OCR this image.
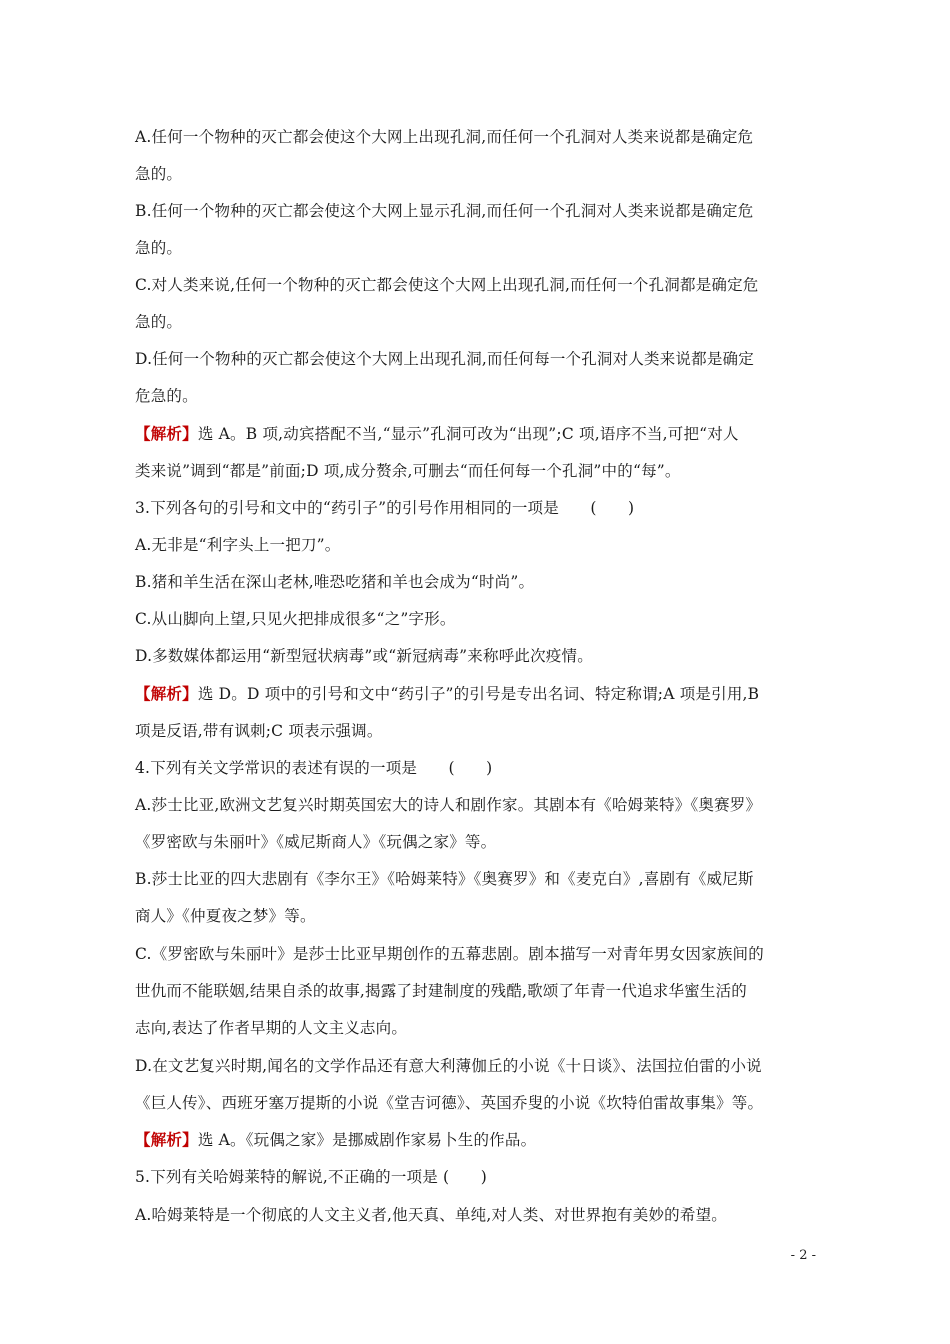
A.任何一个物种的灭亡都会使这个大网上出现孔洞,而任何一个孔洞对人类来说都是确定危
急的。
B.任何一个物种的灭亡都会使这个大网上显示孔洞,而任何一个孔洞对人类来说都是确定危
急的。
C.对人类来说,任何一个物种的灭亡都会使这个大网上出现孔洞,而任何一个孔洞都是确定危
急的。
D.任何一个物种的灭亡都会使这个大网上出现孔洞,而任何每一个孔洞对人类来说都是确定
危急的。
【解析】选 A。B 项,动宾搭配不当,“显示”孔洞可改为“出现”;C 项,语序不当,可把“对人
类来说”调到“都是”前面;D 项,成分赘余,可删去“而任何每一个孔洞”中的“每”。
3.下列各句的引号和文中的“药引子”的引号作用相同的一项是　　(　　)
A.无非是“利字头上一把刀”。
B.猪和羊生活在深山老林,唯恐吃猪和羊也会成为“时尚”。
C.从山脚向上望,只见火把排成很多“之”字形。
D.多数媒体都运用“新型冠状病毒”或“新冠病毒”来称呼此次疫情。
【解析】选 D。D 项中的引号和文中“药引子”的引号是专出名词、特定称谓;A 项是引用,B
项是反语,带有讽刺;C 项表示强调。
4.下列有关文学常识的表述有误的一项是　　(　　)
A.莎士比亚,欧洲文艺复兴时期英国宏大的诗人和剧作家。其剧本有《哈姆莱特》《奥赛罗》
《罗密欧与朱丽叶》《威尼斯商人》《玩偶之家》等。
B.莎士比亚的四大悲剧有《李尔王》《哈姆莱特》《奥赛罗》和《麦克白》,喜剧有《威尼斯
商人》《仲夏夜之梦》等。
C.《罗密欧与朱丽叶》是莎士比亚早期创作的五幕悲剧。剧本描写一对青年男女因家族间的
世仇而不能联姻,结果自杀的故事,揭露了封建制度的残酷,歌颂了年青一代追求华蜜生活的
志向,表达了作者早期的人文主义志向。
D.在文艺复兴时期,闻名的文学作品还有意大利薄伽丘的小说《十日谈》、法国拉伯雷的小说
《巨人传》、西班牙塞万提斯的小说《堂吉诃德》、英国乔叟的小说《坎特伯雷故事集》等。
【解析】选 A。《玩偶之家》是挪威剧作家易卜生的作品。
5.下列有关哈姆莱特的解说,不正确的一项是 (　　)
A.哈姆莱特是一个彻底的人文主义者,他天真、单纯,对人类、对世界抱有美妙的希望。
- 2 -
